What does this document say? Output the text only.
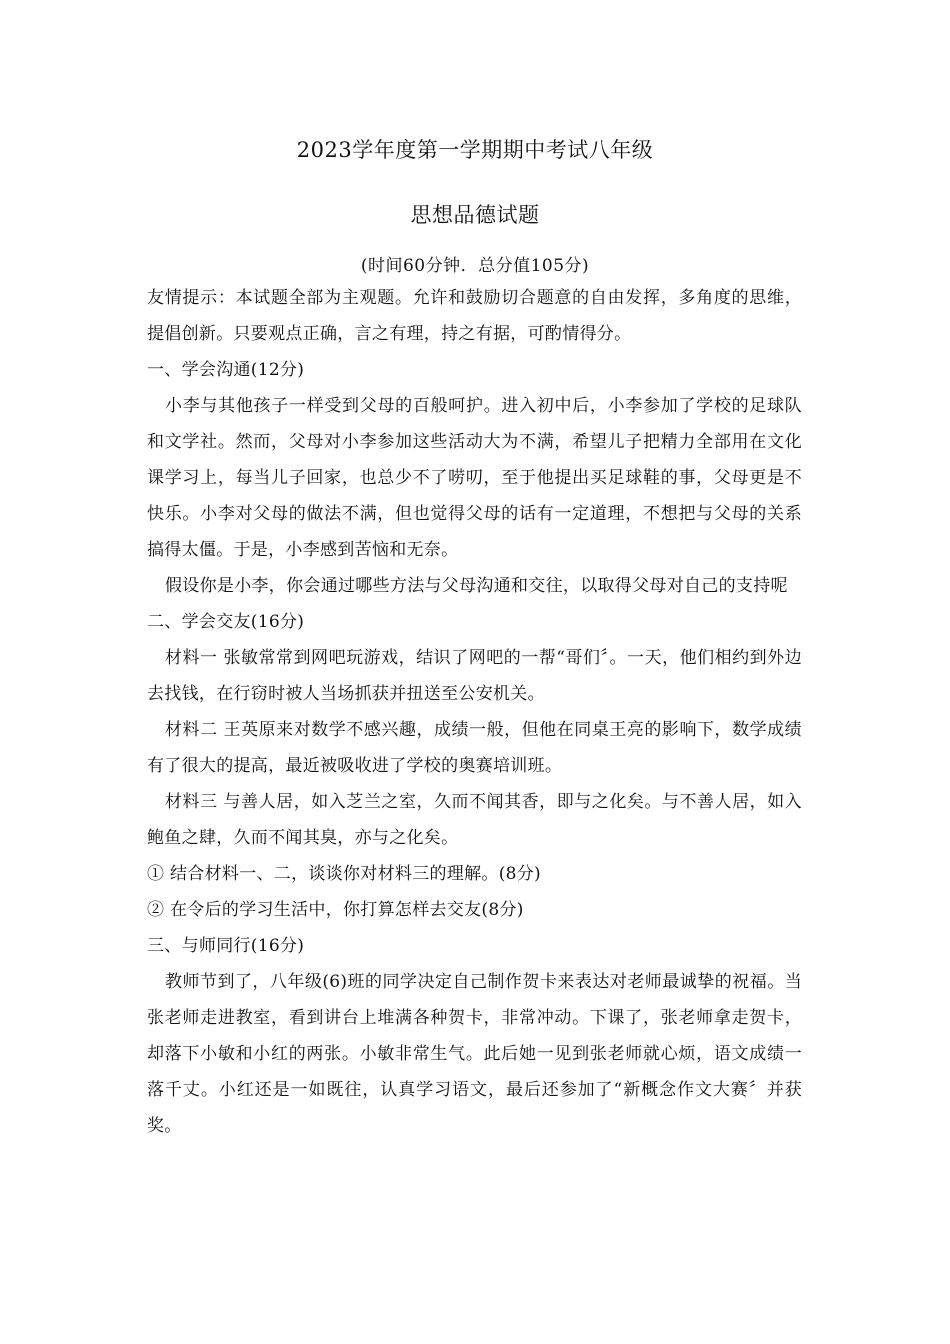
2023学年度第一学期期中考试八年级
思想品德试题
(时间60分钟．总分值105分)

友情提示：本试题全部为主观题。允许和鼓励切合题意的自由发挥，多角度的思维，提倡创新。只要观点正确，言之有理，持之有据，可酌情得分。

一、学会沟通(12分)

小李与其他孩子一样受到父母的百般呵护。进入初中后，小李参加了学校的足球队和文学社。然而，父母对小李参加这些活动大为不满，希望儿子把精力全部用在文化课学习上，每当儿子回家，也总少不了唠叨，至于他提出买足球鞋的事，父母更是不快乐。小李对父母的做法不满，但也觉得父母的话有一定道理，不想把与父母的关系搞得太僵。于是，小李感到苦恼和无奈。

假设你是小李，你会通过哪些方法与父母沟通和交往，以取得父母对自己的支持呢

二、学会交友(16分)

材料一 张敏常常到网吧玩游戏，结识了网吧的一帮“哥们〞。一天，他们相约到外边去找钱，在行窃时被人当场抓获并扭送至公安机关。

材料二 王英原来对数学不感兴趣，成绩一般，但他在同桌王亮的影响下，数学成绩有了很大的提高，最近被吸收进了学校的奥赛培训班。

材料三 与善人居，如入芝兰之室，久而不闻其香，即与之化矣。与不善人居，如入鲍鱼之肆，久而不闻其臭，亦与之化矣。

① 结合材料一、二，谈谈你对材料三的理解。(8分)

② 在令后的学习生活中，你打算怎样去交友(8分)

三、与师同行(16分)

教师节到了，八年级(6)班的同学决定自己制作贺卡来表达对老师最诚挚的祝福。当张老师走进教室，看到讲台上堆满各种贺卡，非常冲动。下课了，张老师拿走贺卡，却落下小敏和小红的两张。小敏非常生气。此后她一见到张老师就心烦，语文成绩一落千丈。小红还是一如既往，认真学习语文，最后还参加了“新概念作文大赛〞并获奖。
